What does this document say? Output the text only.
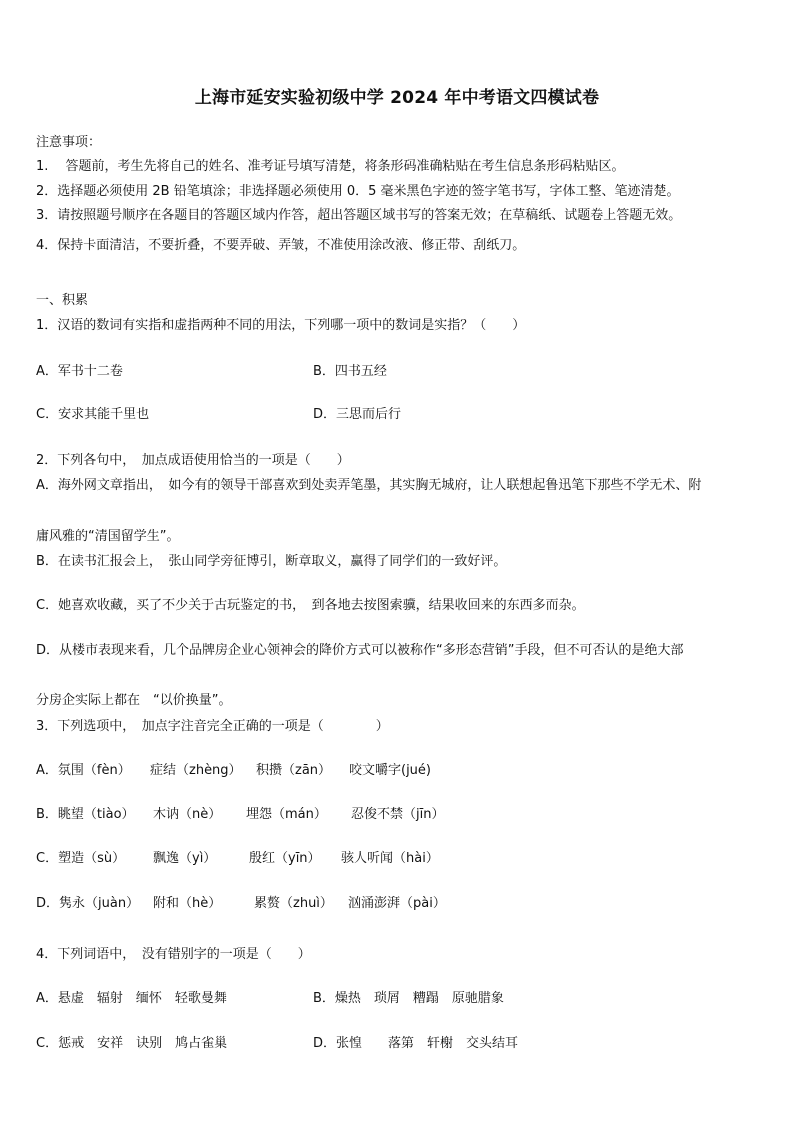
上海市延安实验初级中学 2024 年中考语文四模试卷
注意事项：
1.　 答题前，考生先将自己的姓名、准考证号填写清楚，将条形码准确粘贴在考生信息条形码粘贴区。
2．选择题必须使用 2B 铅笔填涂；非选择题必须使用 0．5 毫米黑色字迹的签字笔书写，字体工整、笔迹清楚。
3．请按照题号顺序在各题目的答题区域内作答，超出答题区域书写的答案无效；在草稿纸、试题卷上答题无效。
4．保持卡面清洁，不要折叠，不要弄破、弄皱，不准使用涂改液、修正带、刮纸刀。
一、积累
1．汉语的数词有实指和虚指两种不同的用法，下列哪一项中的数词是实指？（　　）
A．军书十二卷	B．四书五经
C．安求其能千里也	D．三思而后行
2．下列各句中，　加点成语使用恰当的一项是（　　）
A．海外网文章指出，　如今有的领导干部喜欢到处卖弄笔墨，其实胸无城府，让人联想起鲁迅笔下那些不学无术、附
庸风雅的“清国留学生”。
B．在读书汇报会上，　张山同学旁征博引，断章取义，赢得了同学们的一致好评。
C．她喜欢收藏，买了不少关于古玩鉴定的书，　到各地去按图索骥，结果收回来的东西多而杂。
D．从楼市表现来看，几个品牌房企业心领神会的降价方式可以被称作“多形态营销”手段，但不可否认的是绝大部
分房企实际上都在　“以价换量”。
3．下列选项中，　加点字注音完全正确的一项是（　　　　）
A．氛围（fèn） 症结（zhèng） 积攒（zān） 咬文嚼字(jué)
B．眺望（tiào） 木讷（nè） 埋怨（mán） 忍俊不禁（jīn）
C．塑造（sù） 飘逸（yì）	殷红（yīn） 骇人听闻（hài）
D．隽永（juàn） 附和（hè）	累赘（zhuì） 汹涌澎湃（pài）
4．下列词语中，　没有错别字的一项是（　　）
A．悬虚　辐射　缅怀　轻歌曼舞	B．燥热　琐屑　糟蹋　原驰腊象
C．惩戒　安祥　诀别　鸠占雀巢	D．张惶　　落第　轩榭　交头结耳
